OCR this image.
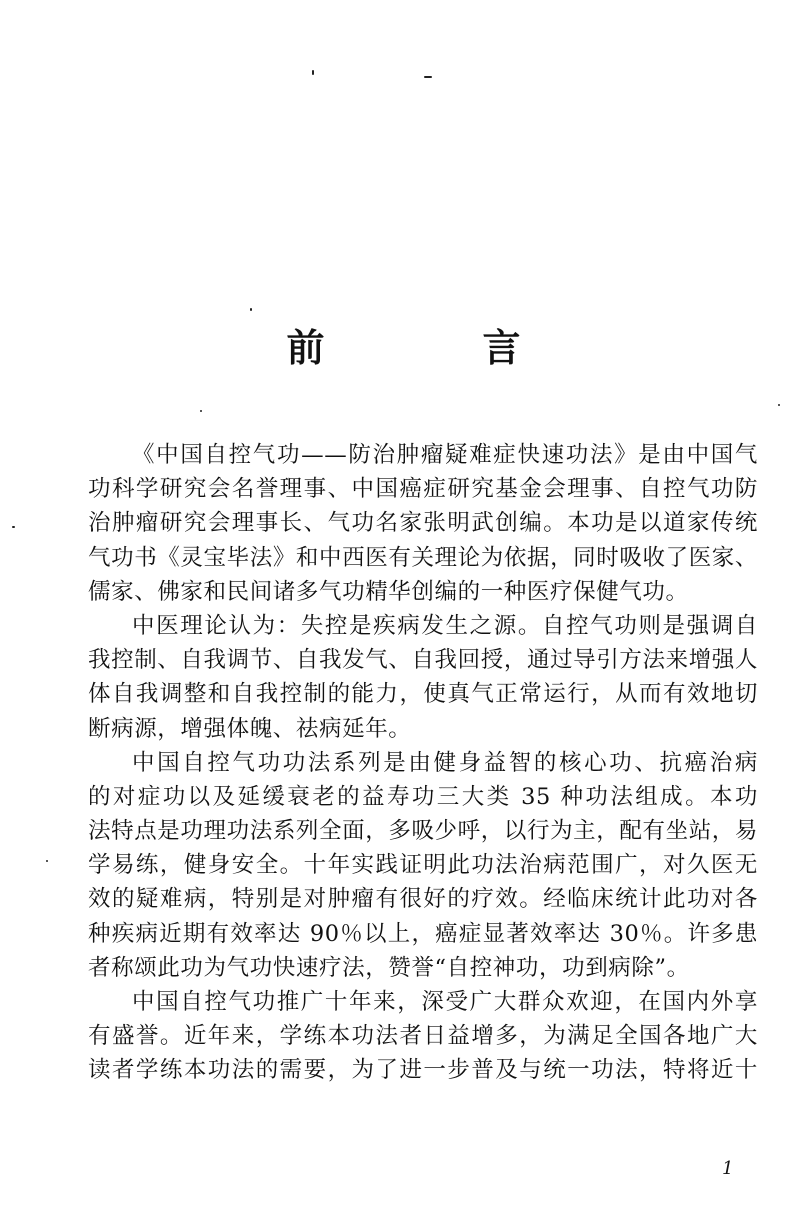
前　言
《中国自控气功——防治肿瘤疑难症快速功法》是由中国气
功科学研究会名誉理事、中国癌症研究基金会理事、自控气功防
治肿瘤研究会理事长、气功名家张明武创编。本功是以道家传统
气功书《灵宝毕法》和中西医有关理论为依据，同时吸收了医家、
儒家、佛家和民间诸多气功精华创编的一种医疗保健气功。
中医理论认为：失控是疾病发生之源。自控气功则是强调自
我控制、自我调节、自我发气、自我回授，通过导引方法来增强人
体自我调整和自我控制的能力，使真气正常运行，从而有效地切
断病源，增强体魄、祛病延年。
中国自控气功功法系列是由健身益智的核心功、抗癌治病
的对症功以及延缓衰老的益寿功三大类 35 种功法组成。本功
法特点是功理功法系列全面，多吸少呼，以行为主，配有坐站，易
学易练，健身安全。十年实践证明此功法治病范围广，对久医无
效的疑难病，特别是对肿瘤有很好的疗效。经临床统计此功对各
种疾病近期有效率达 90％以上，癌症显著效率达 30％。许多患
者称颂此功为气功快速疗法，赞誉“自控神功，功到病除”。
中国自控气功推广十年来，深受广大群众欢迎，在国内外享
有盛誉。近年来，学练本功法者日益增多，为满足全国各地广大
读者学练本功法的需要，为了进一步普及与统一功法，特将近十
1
